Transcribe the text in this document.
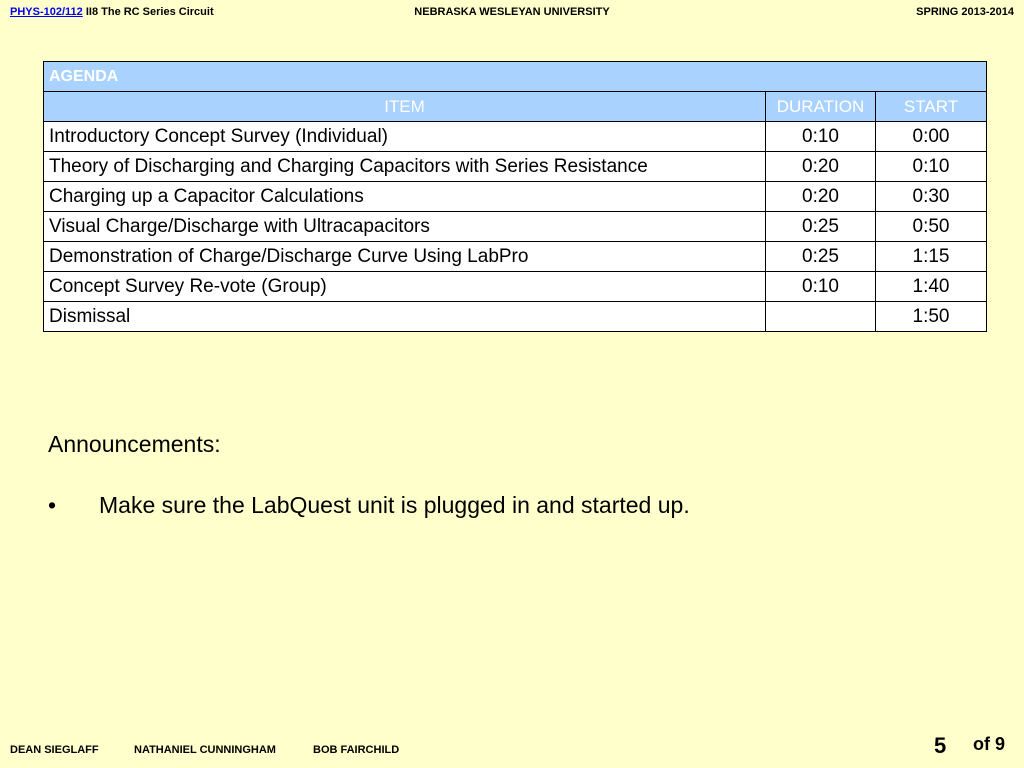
NEBRASKA WESLEYAN UNIVERSITY
PHYS-102/112 II8 The RC Series Circuit	SPRING 2013-2014
AGENDA		
ITEM	DURATION	START
Introductory Concept Survey (Individual)	0:10	0:00
Theory of Discharging and Charging Capacitors with Series Resistance	0:20	0:10
Charging up a Capacitor Calculations	0:20	0:30
Visual Charge/Discharge with Ultracapacitors	0:25	0:50
Demonstration of Charge/Discharge Curve Using LabPro	0:25	1:15
Concept Survey Re-vote (Group)	0:10	1:40
Dismissal		1:50
Announcements:
• Make sure the LabQuest unit is plugged in and started up.
DEAN SIEGLAFF	NATHANIEL CUNNINGHAM	BOB FAIRCHILD	5 of 9
